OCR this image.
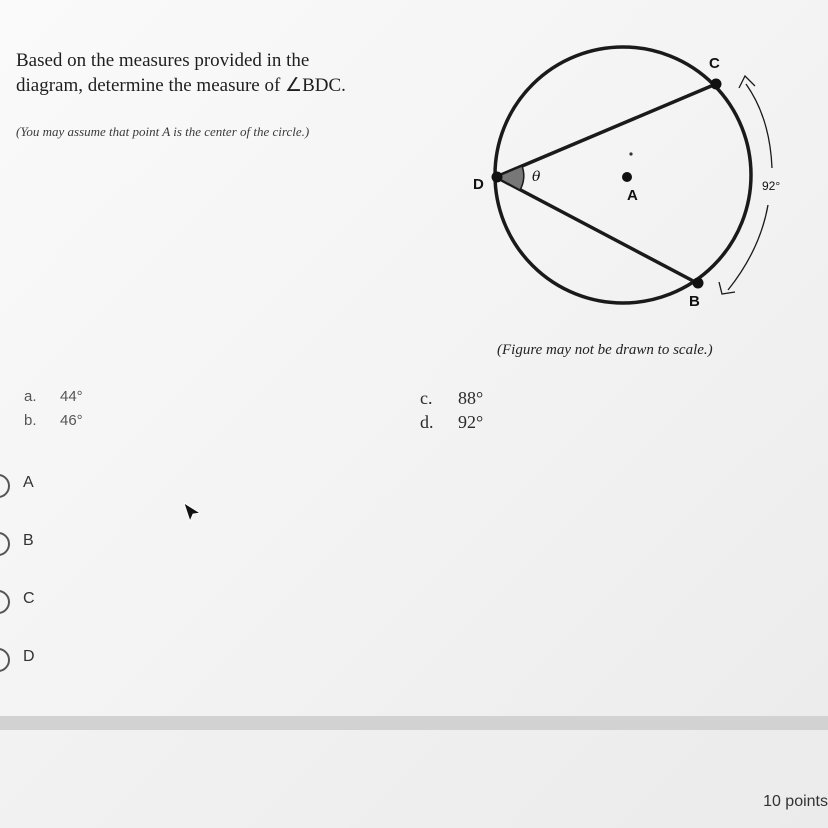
Based on the measures provided in the
diagram, determine the measure of ∠BDC.

(You may assume that point A is the center of the circle.)

C
D
A
B
θ
92°
(Figure may not be drawn to scale.)
a. 44°
b. 46°
c. 88°
d. 92°
A
B
C
D
10 points
